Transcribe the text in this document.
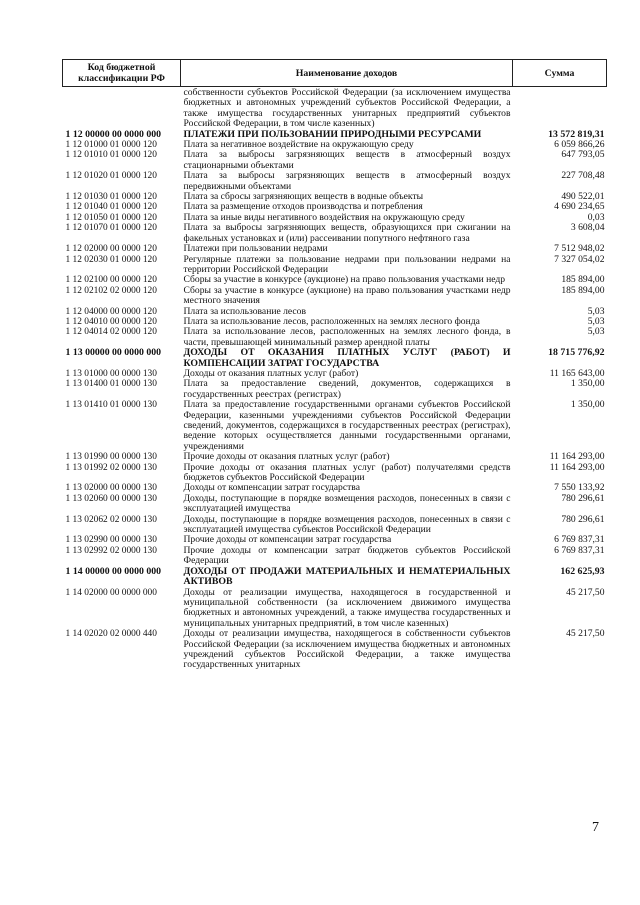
Код бюджетной классификации РФ	Наименование доходов	Сумма
	собственности субъектов Российской Федерации (за исключением имущества бюджетных и автономных учреждений субъектов Российской Федерации, а также имущества государственных унитарных предприятий субъектов Российской Федерации, в том числе казенных)	
1 12 00000 00 0000 000	ПЛАТЕЖИ ПРИ ПОЛЬЗОВАНИИ ПРИРОДНЫМИ РЕСУРСАМИ	13 572 819,31
1 12 01000 01 0000 120	Плата за негативное воздействие на окружающую среду	6 059 866,26
1 12 01010 01 0000 120	Плата за выбросы загрязняющих веществ в атмосферный воздух стационарными объектами	647 793,05
1 12 01020 01 0000 120	Плата за выбросы загрязняющих веществ в атмосферный воздух передвижными объектами	227 708,48
1 12 01030 01 0000 120	Плата за сбросы загрязняющих веществ в водные объекты	490 522,01
1 12 01040 01 0000 120	Плата за размещение отходов производства и потребления	4 690 234,65
1 12 01050 01 0000 120	Плата за иные виды негативного воздействия на окружающую среду	0,03
1 12 01070 01 0000 120	Плата за выбросы загрязняющих веществ, образующихся при сжигании на факельных установках и (или) рассеивании попутного нефтяного газа	3 608,04
1 12 02000 00 0000 120	Платежи при пользовании недрами	7 512 948,02
1 12 02030 01 0000 120	Регулярные платежи за пользование недрами при пользовании недрами на территории Российской Федерации	7 327 054,02
1 12 02100 00 0000 120	Сборы за участие в конкурсе (аукционе) на право пользования участками недр	185 894,00
1 12 02102 02 0000 120	Сборы за участие в конкурсе (аукционе) на право пользования участками недр местного значения	185 894,00
1 12 04000 00 0000 120	Плата за использование лесов	5,03
1 12 04010 00 0000 120	Плата за использование лесов, расположенных на землях лесного фонда	5,03
1 12 04014 02 0000 120	Плата за использование лесов, расположенных на землях лесного фонда, в части, превышающей минимальный размер арендной платы	5,03
1 13 00000 00 0000 000	ДОХОДЫ ОТ ОКАЗАНИЯ ПЛАТНЫХ УСЛУГ (РАБОТ) И КОМПЕНСАЦИИ ЗАТРАТ ГОСУДАРСТВА	18 715 776,92
1 13 01000 00 0000 130	Доходы от оказания платных услуг (работ)	11 165 643,00
1 13 01400 01 0000 130	Плата за предоставление сведений, документов, содержащихся в государственных реестрах (регистрах)	1 350,00
1 13 01410 01 0000 130	Плата за предоставление государственными органами субъектов Российской Федерации, казенными учреждениями субъектов Российской Федерации сведений, документов, содержащихся в государственных реестрах (регистрах), ведение которых осуществляется данными государственными органами, учреждениями	1 350,00
1 13 01990 00 0000 130	Прочие доходы от оказания платных услуг (работ)	11 164 293,00
1 13 01992 02 0000 130	Прочие доходы от оказания платных услуг (работ) получателями средств бюджетов субъектов Российской Федерации	11 164 293,00
1 13 02000 00 0000 130	Доходы от компенсации затрат государства	7 550 133,92
1 13 02060 00 0000 130	Доходы, поступающие в порядке возмещения расходов, понесенных в связи с эксплуатацией имущества	780 296,61
1 13 02062 02 0000 130	Доходы, поступающие в порядке возмещения расходов, понесенных в связи с эксплуатацией имущества субъектов Российской Федерации	780 296,61
1 13 02990 00 0000 130	Прочие доходы от компенсации затрат государства	6 769 837,31
1 13 02992 02 0000 130	Прочие доходы от компенсации затрат бюджетов субъектов Российской Федерации	6 769 837,31
1 14 00000 00 0000 000	ДОХОДЫ ОТ ПРОДАЖИ МАТЕРИАЛЬНЫХ И НЕМАТЕРИАЛЬНЫХ АКТИВОВ	162 625,93
1 14 02000 00 0000 000	Доходы от реализации имущества, находящегося в государственной и муниципальной собственности (за исключением движимого имущества бюджетных и автономных учреждений, а также имущества государственных и муниципальных унитарных предприятий, в том числе казенных)	45 217,50
1 14 02020 02 0000 440	Доходы от реализации имущества, находящегося в собственности субъектов Российской Федерации (за исключением имущества бюджетных и автономных учреждений субъектов Российской Федерации, а также имущества государственных унитарных	45 217,50
7
